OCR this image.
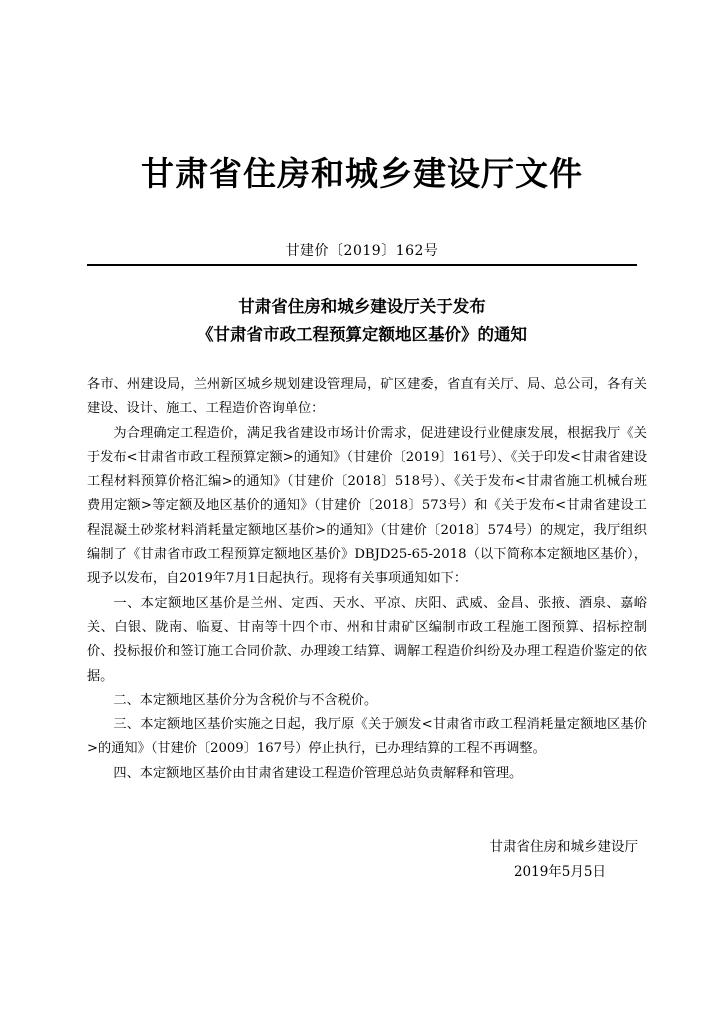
甘肃省住房和城乡建设厅文件
甘建价〔2019〕162号
甘肃省住房和城乡建设厅关于发布
《甘肃省市政工程预算定额地区基价》的通知

各市、州建设局，兰州新区城乡规划建设管理局，矿区建委，省直有关厅、局、总公司，各有关建设、设计、施工、工程造价咨询单位：

为合理确定工程造价，满足我省建设市场计价需求，促进建设行业健康发展，根据我厅《关于发布<甘肃省市政工程预算定额>的通知》（甘建价〔2019〕161号）、《关于印发<甘肃省建设工程材料预算价格汇编>的通知》（甘建价〔2018〕518号）、《关于发布<甘肃省施工机械台班费用定额>等定额及地区基价的通知》（甘建价〔2018〕573号）和《关于发布<甘肃省建设工程混凝土砂浆材料消耗量定额地区基价>的通知》（甘建价〔2018〕574号）的规定，我厅组织编制了《甘肃省市政工程预算定额地区基价》DBJD25-65-2018（以下简称本定额地区基价），现予以发布，自2019年7月1日起执行。现将有关事项通知如下：

一、本定额地区基价是兰州、定西、天水、平凉、庆阳、武威、金昌、张掖、酒泉、嘉峪关、白银、陇南、临夏、甘南等十四个市、州和甘肃矿区编制市政工程施工图预算、招标控制价、投标报价和签订施工合同价款、办理竣工结算、调解工程造价纠纷及办理工程造价鉴定的依据。

二、本定额地区基价分为含税价与不含税价。

三、本定额地区基价实施之日起，我厅原《关于颁发<甘肃省市政工程消耗量定额地区基价>的通知》（甘建价〔2009〕167号）停止执行，已办理结算的工程不再调整。

四、本定额地区基价由甘肃省建设工程造价管理总站负责解释和管理。

甘肃省住房和城乡建设厅
2019年5月5日
